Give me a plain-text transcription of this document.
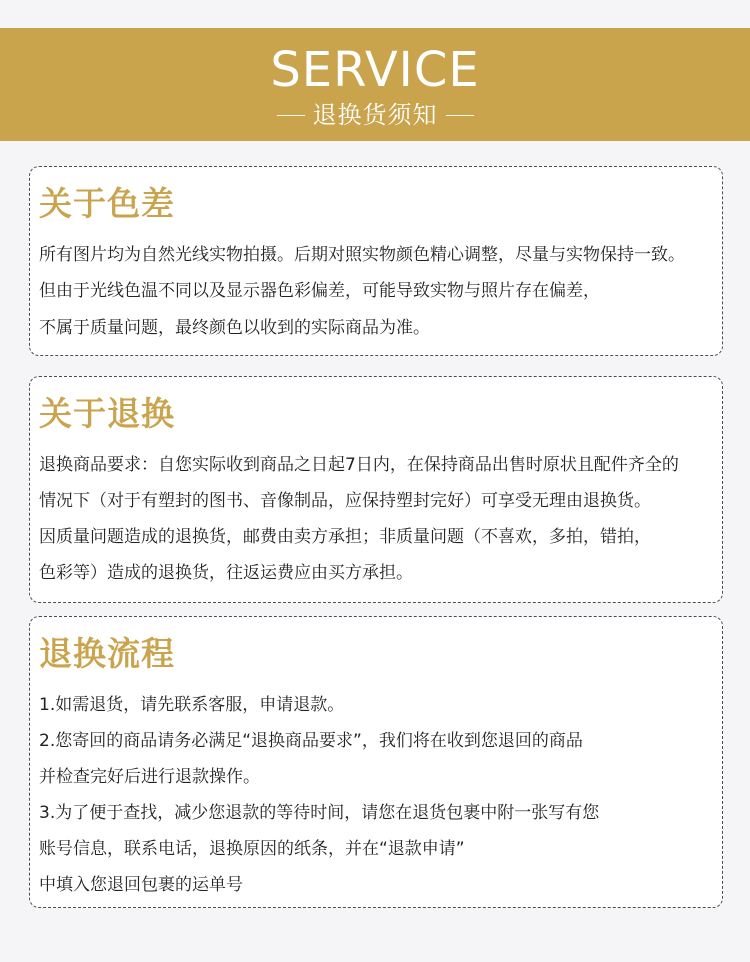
SERVICE
退换货须知
关于色差
所有图片均为自然光线实物拍摄。后期对照实物颜色精心调整，尽量与实物保持一致。
但由于光线色温不同以及显示器色彩偏差，可能导致实物与照片存在偏差，
不属于质量问题，最终颜色以收到的实际商品为准。
关于退换
退换商品要求：自您实际收到商品之日起7日内，在保持商品出售时原状且配件齐全的
情况下（对于有塑封的图书、音像制品，应保持塑封完好）可享受无理由退换货。
因质量问题造成的退换货，邮费由卖方承担；非质量问题（不喜欢，多拍，错拍，
色彩等）造成的退换货，往返运费应由买方承担。
退换流程
1.如需退货，请先联系客服，申请退款。
2.您寄回的商品请务必满足“退换商品要求”，我们将在收到您退回的商品
并检查完好后进行退款操作。
3.为了便于查找，减少您退款的等待时间，请您在退货包裹中附一张写有您
账号信息，联系电话，退换原因的纸条，并在“退款申请”
中填入您退回包裹的运单号
